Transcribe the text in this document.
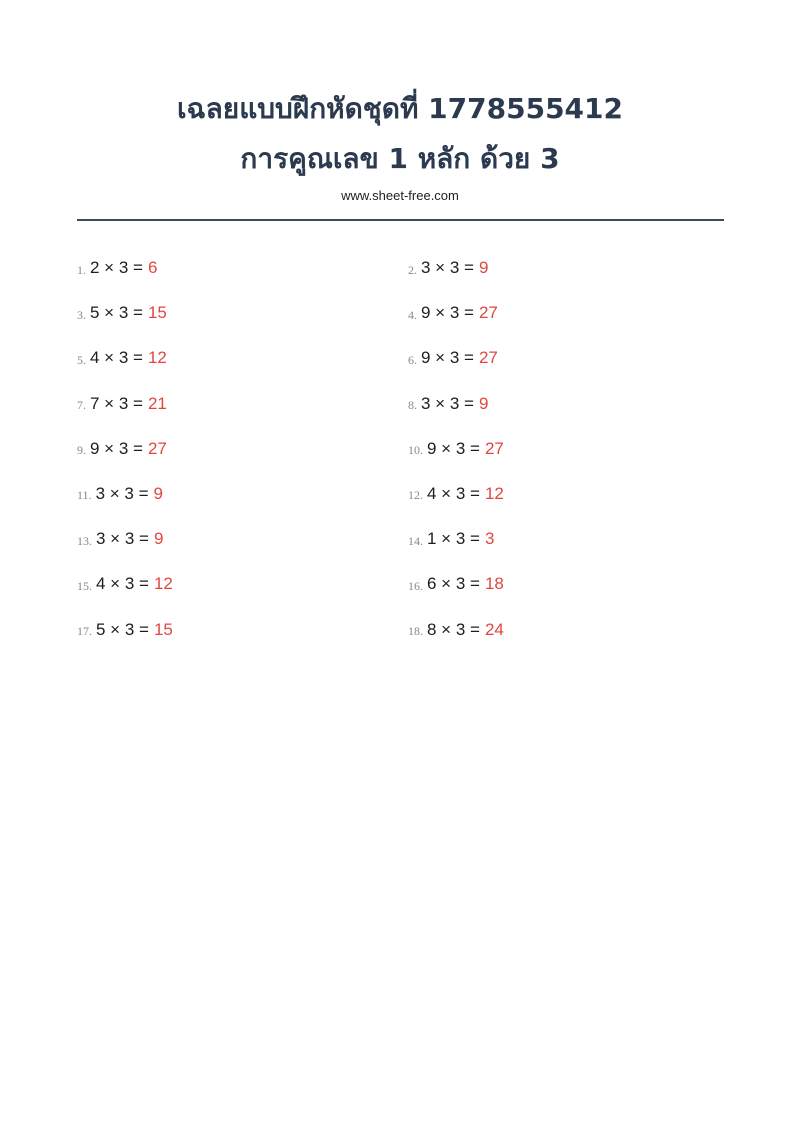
เฉลยแบบฝึกหัดชุดที่ 1778555412
การคูณเลข 1 หลัก ด้วย 3
www.sheet-free.com
1. 2 × 3 = 6	2. 3 × 3 = 9
3. 5 × 3 = 15	4. 9 × 3 = 27
5. 4 × 3 = 12	6. 9 × 3 = 27
7. 7 × 3 = 21	8. 3 × 3 = 9
9. 9 × 3 = 27	10. 9 × 3 = 27
11. 3 × 3 = 9	12. 4 × 3 = 12
13. 3 × 3 = 9	14. 1 × 3 = 3
15. 4 × 3 = 12	16. 6 × 3 = 18
17. 5 × 3 = 15	18. 8 × 3 = 24
